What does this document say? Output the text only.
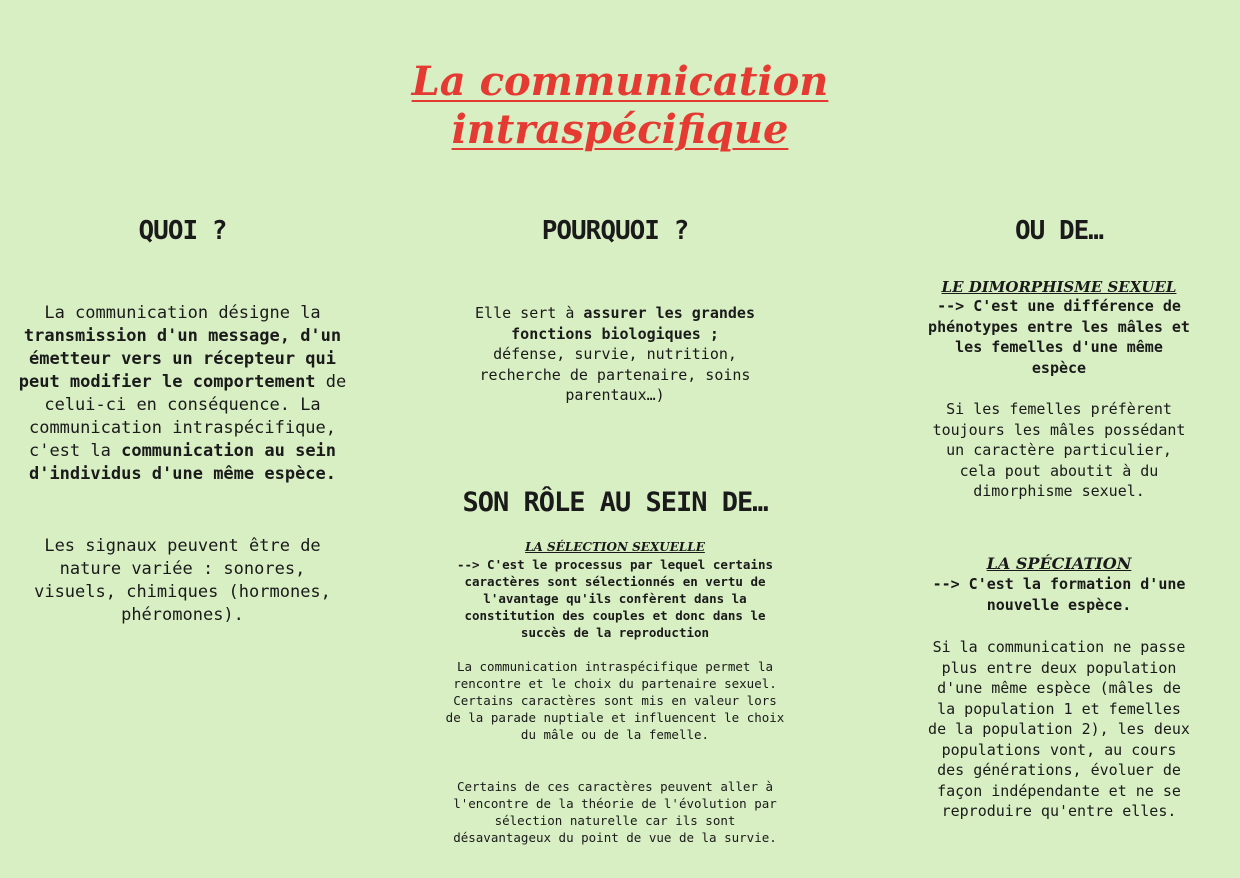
La communication
intraspécifique
QUOI ?

La communication désigne la transmission d'un message, d'un émetteur vers un récepteur qui peut modifier le comportement de celui-ci en conséquence. La communication intraspécifique, c'est la communication au sein d'individus d'une même espèce.

Les signaux peuvent être de nature variée : sonores, visuels, chimiques (hormones, phéromones).

POURQUOI ?

Elle sert à assurer les grandes fonctions biologiques ; défense, survie, nutrition, recherche de partenaire, soins parentaux…)

SON RÔLE AU SEIN DE…

LA SÉLECTION SEXUELLE

--> C'est le processus par lequel certains caractères sont sélectionnés en vertu de l'avantage qu'ils confèrent dans la constitution des couples et donc dans le succès de la reproduction

La communication intraspécifique permet la rencontre et le choix du partenaire sexuel. Certains caractères sont mis en valeur lors de la parade nuptiale et influencent le choix du mâle ou de la femelle.

Certains de ces caractères peuvent aller à l'encontre de la théorie de l'évolution par sélection naturelle car ils sont désavantageux du point de vue de la survie.

OU DE…

LE DIMORPHISME SEXUEL

--> C'est une différence de phénotypes entre les mâles et les femelles d'une même espèce

Si les femelles préfèrent toujours les mâles possédant un caractère particulier, cela pout aboutit à du dimorphisme sexuel.

LA SPÉCIATION

--> C'est la formation d'une nouvelle espèce.

Si la communication ne passe plus entre deux population d'une même espèce (mâles de la population 1 et femelles de la population 2), les deux populations vont, au cours des générations, évoluer de façon indépendante et ne se reproduire qu'entre elles.
